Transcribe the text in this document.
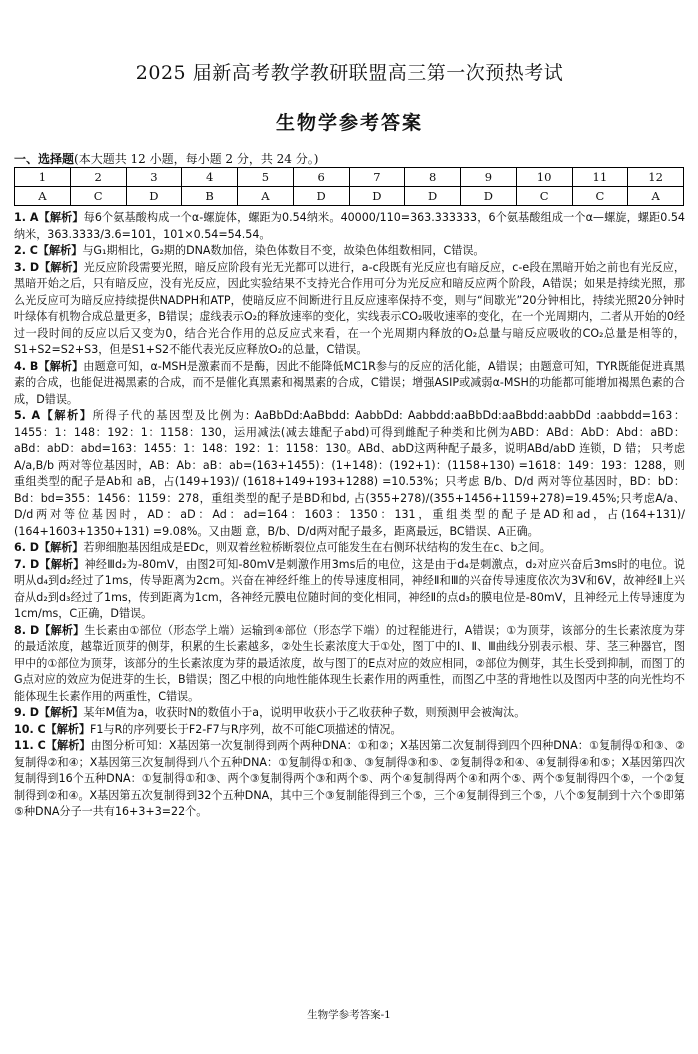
2025 届新高考教学教研联盟高三第一次预热考试
生物学参考答案
一、选择题(本大题共 12 小题，每小题 2 分，共 24 分。)
1	2	3	4	5	6	7	8	9	10	11	12
A	C	D	B	A	D	D	D	D	C	C	A

1. A【解析】每6个氨基酸构成一个α-螺旋体，螺距为0.54纳米。40000/110=363.333333，6个氨基酸组成一个α—螺旋，螺距0.54纳米，363.3333/3.6=101，101×0.54=54.54。

2. C【解析】与G₁期相比，G₂期的DNA数加倍，染色体数目不变，故染色体组数相同，C错误。

3. D【解析】光反应阶段需要光照，暗反应阶段有光无光都可以进行，a-c段既有光反应也有暗反应，c-e段在黑暗开始之前也有光反应，黑暗开始之后，只有暗反应，没有光反应，因此实验结果不支持光合作用可分为光反应和暗反应两个阶段，A错误；如果是持续光照，那么光反应可为暗反应持续提供NADPH和ATP，使暗反应不间断进行且反应速率保持不变，则与“间歇光”20分钟相比，持续光照20分钟时叶绿体有机物合成总量更多，B错误；虚线表示O₂的释放速率的变化，实线表示CO₂吸收速率的变化，在一个光周期内，二者从开始的0经过一段时间的反应以后又变为0，结合光合作用的总反应式来看，在一个光周期内释放的O₂总量与暗反应吸收的CO₂总量是相等的，S1+S2=S2+S3，但是S1+S2不能代表光反应释放O₂的总量，C错误。

4. B【解析】由题意可知，α-MSH是激素而不是酶，因此不能降低MC1R参与的反应的活化能，A错误；由题意可知，TYR既能促进真黑素的合成，也能促进褐黑素的合成，而不是催化真黑素和褐黑素的合成，C错误；增强ASIP或减弱α-MSH的功能都可能增加褐黑色素的合成，D错误。

5. A【解析】所得子代的基因型及比例为: AaBbDd:AaBbdd: AabbDd: Aabbdd:aaBbDd:aaBbdd:aabbDd :aabbdd=163：1455：1：148：192：1：1158：130，运用减法(减去雄配子abd)可得到雌配子种类和比例为ABD：ABd：AbD：Abd：aBD：aBd：abD：abd=163：1455：1：148：192：1：1158：130。ABd、abD这两种配子最多，说明ABd/abD 连锁，D 错； 只考虑A/a,B/b 两对等位基因时，AB：Ab：aB：ab=(163+1455)：(1+148)：(192+1)：(1158+130) =1618：149：193：1288，则重组类型的配子是Ab和 aB，占(149+193)/ (1618+149+193+1288) =10.53%；只考虑 B/b、D/d 两对等位基因时，BD：bD：Bd：bd=355：1456：1159：278，重组类型的配子是BD和bd, 占(355+278)/(355+1456+1159+278)=19.45%;只考虑A/a、D/d两对等位基因时，AD：aD：Ad：ad=164：1603：1350：131，重组类型的配子是AD和ad，占(164+131)/ (164+1603+1350+131) =9.08%。又由题 意，B/b、D/d两对配子最多，距离最远，BC错误、A正确。

6. D【解析】若卵细胞基因组成是EDc，则双着丝粒桥断裂位点可能发生在右侧环状结构的发生在c、b之间。

7. D【解析】神经Ⅲd₂为-80mV，由图2可知-80mV是刺激作用3ms后的电位，这是由于d₄是刺激点，d₂对应兴奋后3ms时的电位。说明从d₄到d₂经过了1ms，传导距离为2cm。兴奋在神经纤维上的传导速度相同，神经Ⅱ和Ⅲ的兴奋传导速度依次为3V和6V，故神经Ⅱ上兴奋从d₂到d₃经过了1ms，传到距离为1cm，各神经元膜电位随时间的变化相同，神经Ⅱ的点d₃的膜电位是-80mV，且神经元上传导速度为1cm/ms，C正确，D错误。

8. D【解析】生长素由①部位（形态学上端）运输到④部位（形态学下端）的过程能进行，A错误；①为顶芽，该部分的生长素浓度为芽的最适浓度，越靠近顶芽的侧芽，积累的生长素越多，②处生长素浓度大于①处，图丁中的Ⅰ、Ⅱ、Ⅲ曲线分别表示根、芽、茎三种器官，图甲中的①部位为顶芽，该部分的生长素浓度为芽的最适浓度，故与图丁的E点对应的效应相同，②部位为侧芽，其生长受到抑制，而图丁的G点对应的效应为促进芽的生长，B错误；图乙中根的向地性能体现生长素作用的两重性，而图乙中茎的背地性以及图丙中茎的向光性均不能体现生长素作用的两重性，C错误。

9. D【解析】某年M值为a，收获时N的数值小于a，说明甲收获小于乙收获种子数，则预测甲会被淘汰。

10. C【解析】F1与R的序列要长于F2-F7与R序列，故不可能C项描述的情况。

11. C【解析】由图分析可知：X基因第一次复制得到两个两种DNA：①和②；X基因第二次复制得到四个四种DNA：①复制得①和③、②复制得②和④；X基因第三次复制得到八个五种DNA：①复制得①和③、③复制得③和⑤、②复制得②和④、④复制得④和⑤；X基因第四次复制得到16个五种DNA：①复制得①和③、两个③复制得两个③和两个⑤、两个④复制得两个④和两个⑤、两个⑤复制得四个⑤，一个②复制得到②和④。X基因第五次复制得到32个五种DNA，其中三个③复制能得到三个⑤，三个④复制得到三个⑤，八个⑤复制到十六个⑤即第⑤种DNA分子一共有16+3+3=22个。

生物学参考答案-1
